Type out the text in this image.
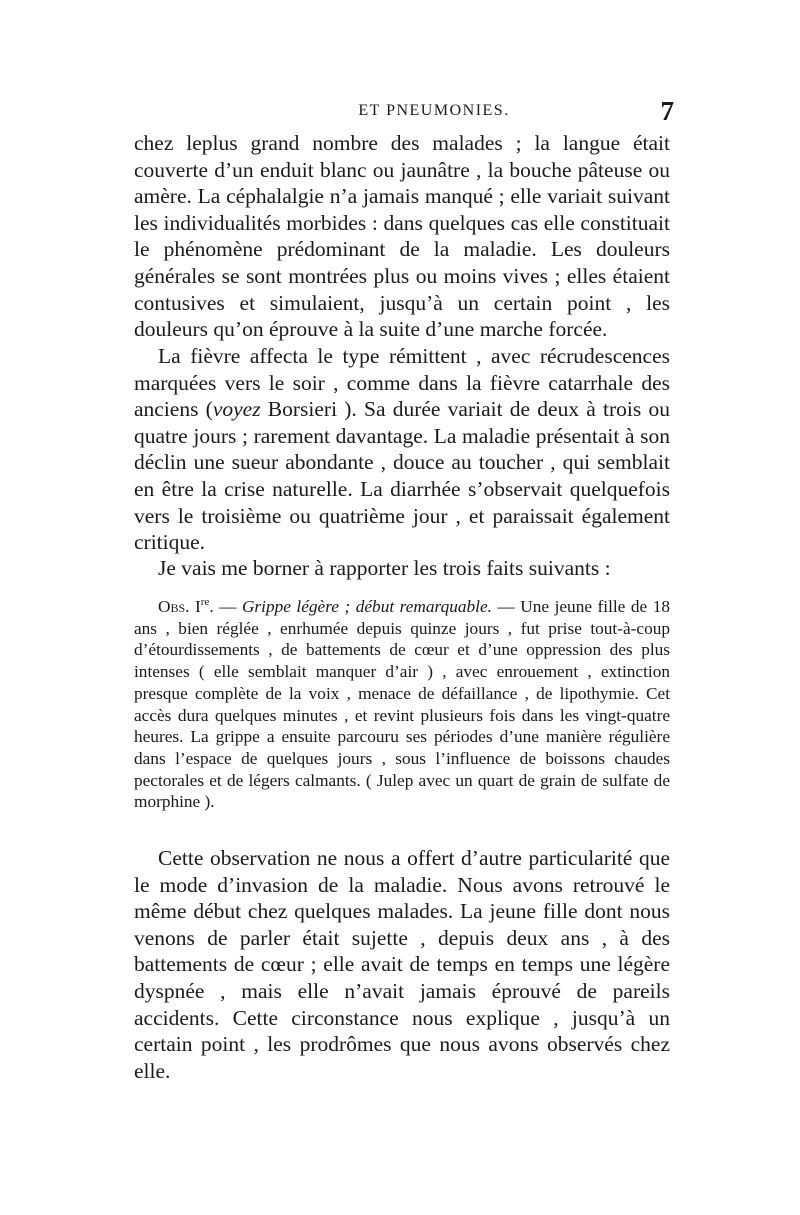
ET PNEUMONIES.	7

chez leplus grand nombre des malades ; la langue était couverte d’un enduit blanc ou jaunâtre , la bouche pâteuse ou amère. La céphalalgie n’a jamais manqué ; elle variait suivant les individualités morbides : dans quelques cas elle constituait le phénomène prédominant de la maladie. Les douleurs générales se sont montrées plus ou moins vives ; elles étaient contusives et simulaient, jusqu’à un certain point , les douleurs qu’on éprouve à la suite d’une marche forcée.

La fièvre affecta le type rémittent , avec récrudescences marquées vers le soir , comme dans la fièvre catarrhale des anciens (voyez Borsieri ). Sa durée variait de deux à trois ou quatre jours ; rarement davantage. La maladie présentait à son déclin une sueur abondante , douce au toucher , qui semblait en être la crise naturelle. La diarrhée s’observait quelquefois vers le troisième ou quatrième jour , et paraissait également critique.

Je vais me borner à rapporter les trois faits suivants :

Obs. Ire. — Grippe légère ; début remarquable. — Une jeune fille de 18 ans , bien réglée , enrhumée depuis quinze jours , fut prise tout-à-coup d’étourdissements , de battements de cœur et d’une oppression des plus intenses ( elle semblait manquer d’air ) , avec enrouement , extinction presque complète de la voix , menace de défaillance , de lipothymie. Cet accès dura quelques minutes , et revint plusieurs fois dans les vingt-quatre heures. La grippe a ensuite parcouru ses périodes d’une manière régulière dans l’espace de quelques jours , sous l’influence de boissons chaudes pectorales et de légers calmants. ( Julep avec un quart de grain de sulfate de morphine ).

Cette observation ne nous a offert d’autre particularité que le mode d’invasion de la maladie. Nous avons retrouvé le même début chez quelques malades. La jeune fille dont nous venons de parler était sujette , depuis deux ans , à des battements de cœur ; elle avait de temps en temps une légère dyspnée , mais elle n’avait jamais éprouvé de pareils accidents. Cette circonstance nous explique , jusqu’à un certain point , les prodrômes que nous avons observés chez elle.
